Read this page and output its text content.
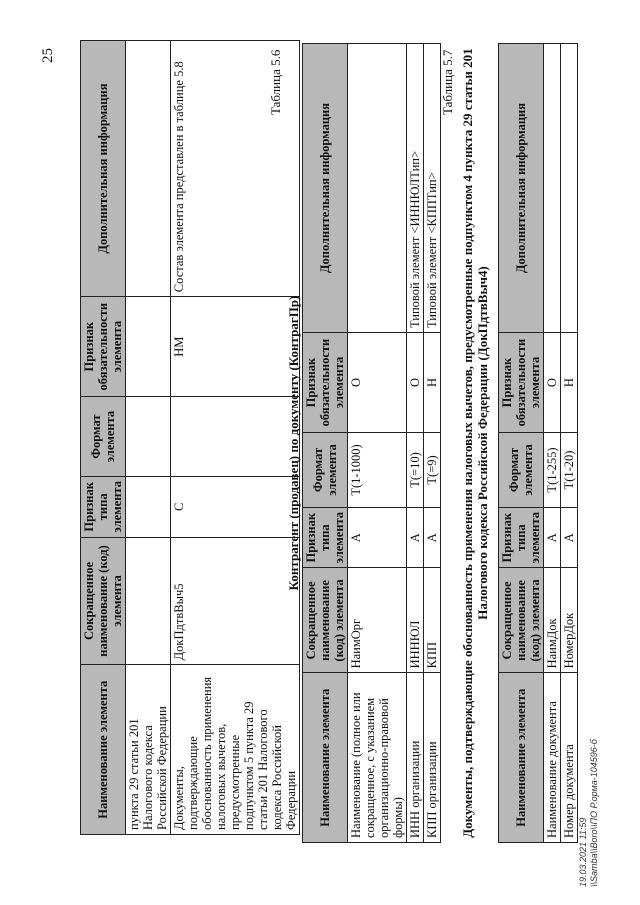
25
Наименование элемента	Сокращенное наименование (код) элемента	Признак типа элемента	Формат элемента	Признак обязательности элемента	Дополнительная информация
пункта 29 статьи 201 Налогового кодекса Российской Федерации					
Документы, подтверждающие обоснованность применения налоговых вычетов, предусмотренные подпунктом 5 пункта 29 статьи 201 Налогового кодекса Российской Федерации	ДокПдтвВыч5	С		НМ	Состав элемента представлен в таблице 5.8	Таблица 5.6
Контрагент (продавец) по документу (КонтрагПр)
Наименование элемента	Сокращенное наименование (код) элемента	Признак типа элемента	Формат элемента	Признак обязательности элемента	Дополнительная информация
Наименование (полное или сокращенное, с указанием организационно-правовой формы)	НаимОрг	А	Т(1-1000)	О	
ИНН организации	ИННЮЛ	А	Т(=10)	О	Типовой элемент <ИННЮЛТип>
КПП организации	КПП	А	Т(=9)	Н	Типовой элемент <КППТип>
Таблица 5.7 Документы, подтверждающие обоснованность применения налоговых вычетов, предусмотренные подпунктом 4 пункта 29 статьи 201 Налогового кодекса Российской Федерации (ДокПдтвВыч4)
Наименование элемента	Сокращенное наименование (код) элемента	Признак типа элемента	Формат элемента	Признак обязательности элемента	Дополнительная информация
Наименование документа	НаимДок	А	Т(1-255)	О	
Номер документа	НомерДок	А	Т(1-20)	Н	
19.03.2021 11:59 \\Samba\\Boro\\ПО Р.орма-104596-б
